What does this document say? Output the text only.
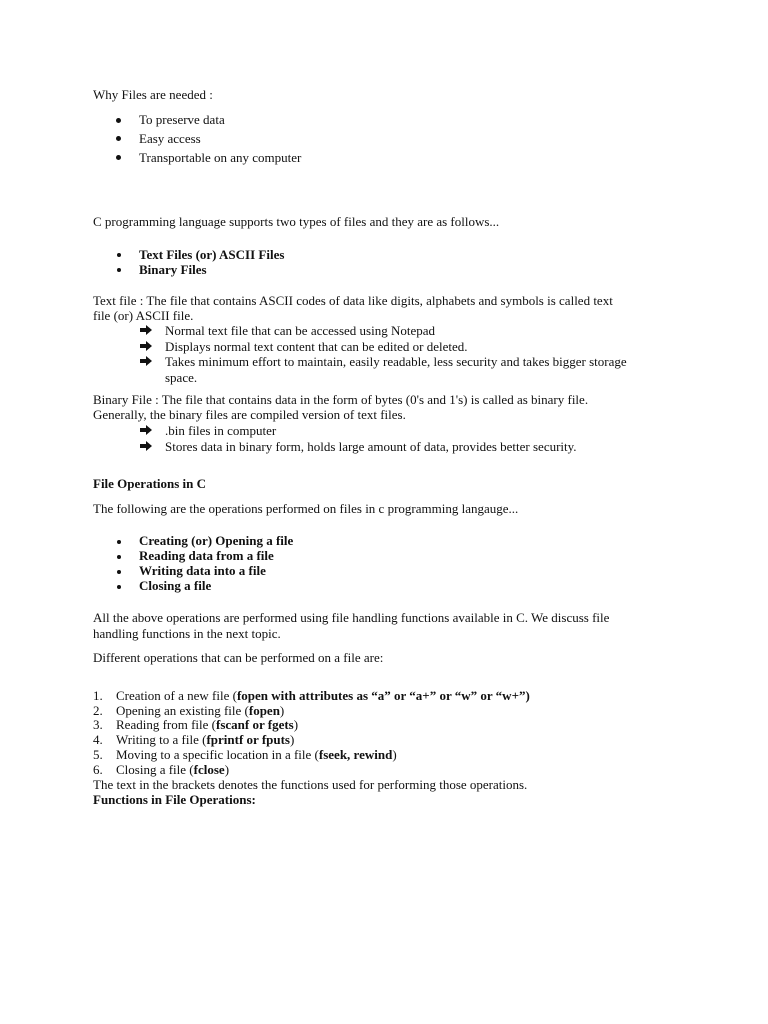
Why Files are needed :
To preserve data
Easy access
Transportable on any computer
C programming language supports two types of files and they are as follows...
Text Files (or) ASCII Files
Binary Files
Text file : The file that contains ASCII codes of data like digits, alphabets and symbols is called text
file (or) ASCII file.
Normal text file that can be accessed using Notepad
Displays normal text content that can be edited or deleted.
Takes minimum effort to maintain, easily readable, less security and takes bigger storage
space.
Binary File : The file that contains data in the form of bytes (0's and 1's) is called as binary file.
Generally, the binary files are compiled version of text files.
.bin files in computer
Stores data in binary form, holds large amount of data, provides better security.
File Operations in C
The following are the operations performed on files in c programming langauge...
Creating (or) Opening a file
Reading data from a file
Writing data into a file
Closing a file
All the above operations are performed using file handling functions available in C. We discuss file
handling functions in the next topic.
Different operations that can be performed on a file are:
1. Creation of a new file (fopen with attributes as “a” or “a+” or “w” or “w+”)
2. Opening an existing file (fopen)
3. Reading from file (fscanf or fgets)
4. Writing to a file (fprintf or fputs)
5. Moving to a specific location in a file (fseek, rewind)
6. Closing a file (fclose)
The text in the brackets denotes the functions used for performing those operations.
Functions in File Operations:
